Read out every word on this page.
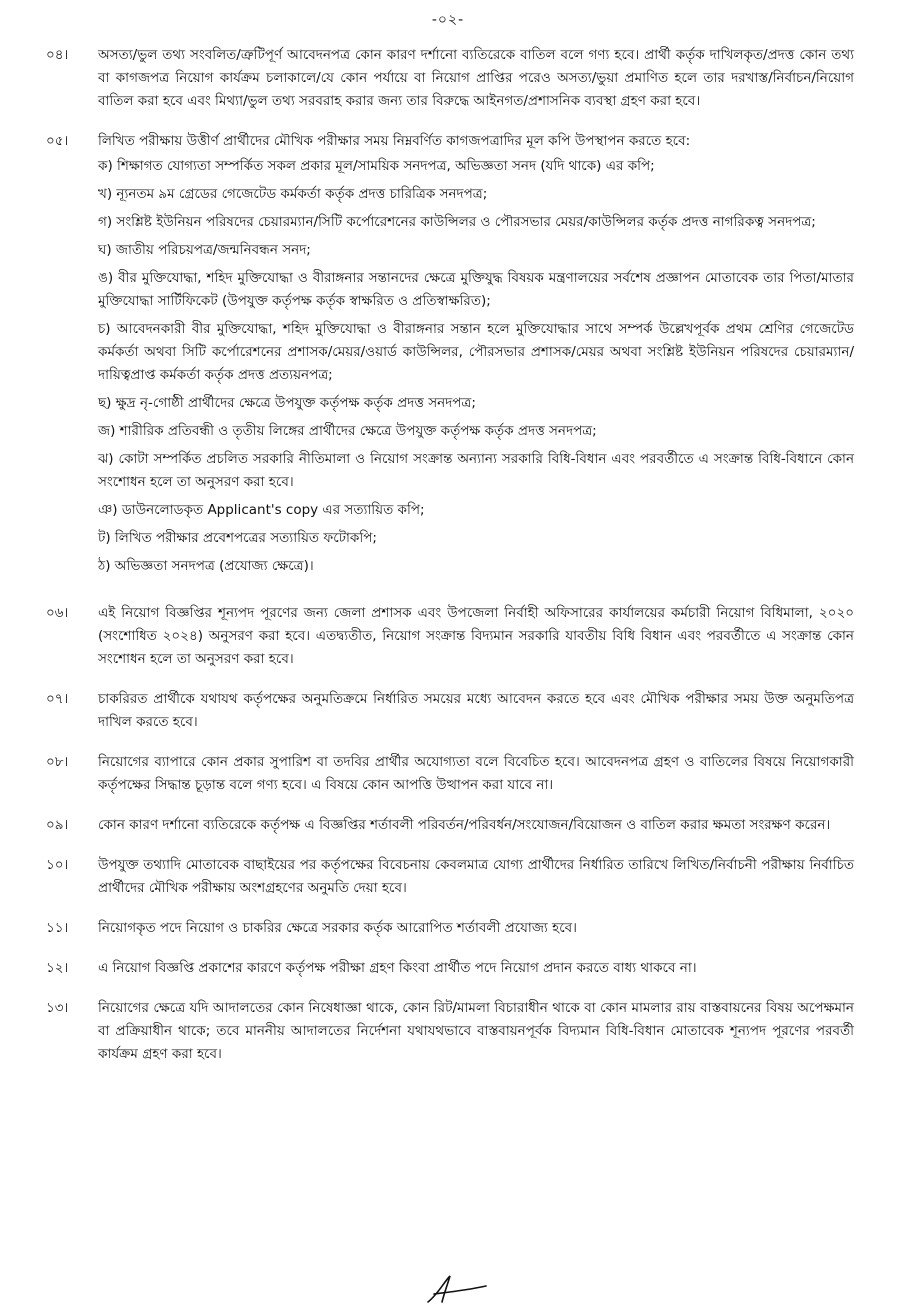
-০২-
০৪।	অসত্য/ভুল তথ্য সংবলিত/ত্রুটিপূর্ণ আবেদনপত্র কোন কারণ দর্শানো ব্যতিরেকে বাতিল বলে গণ্য হবে। প্রার্থী কর্তৃক দাখিলকৃত/প্রদত্ত কোন তথ্য বা কাগজপত্র নিয়োগ কার্যক্রম চলাকালে/যে কোন পর্যায়ে বা নিয়োগ প্রাপ্তির পরেও অসত্য/ভুয়া প্রমাণিত হলে তার দরখাস্ত/নির্বাচন/নিয়োগ বাতিল করা হবে এবং মিথ্যা/ভুল তথ্য সরবরাহ করার জন্য তার বিরুদ্ধে আইনগত/প্রশাসনিক ব্যবস্থা গ্রহণ করা হবে।

০৫।	লিখিত পরীক্ষায় উত্তীর্ণ প্রার্থীদের মৌখিক পরীক্ষার সময় নিম্নবর্ণিত কাগজপত্রাদির মূল কপি উপস্থাপন করতে হবে:

ক) শিক্ষাগত যোগ্যতা সম্পর্কিত সকল প্রকার মূল/সাময়িক সনদপত্র, অভিজ্ঞতা সনদ (যদি থাকে) এর কপি;

খ) ন্যূনতম ৯ম গ্রেডের গেজেটেড কর্মকর্তা কর্তৃক প্রদত্ত চারিত্রিক সনদপত্র;

গ) সংশ্লিষ্ট ইউনিয়ন পরিষদের চেয়ারম্যান/সিটি কর্পোরেশনের কাউন্সিলর ও পৌরসভার মেয়র/কাউন্সিলর কর্তৃক প্রদত্ত নাগরিকত্ব সনদপত্র;

ঘ) জাতীয় পরিচয়পত্র/জন্মনিবন্ধন সনদ;

ঙ) বীর মুক্তিযোদ্ধা, শহিদ মুক্তিযোদ্ধা ও বীরাঙ্গনার সন্তানদের ক্ষেত্রে মুক্তিযুদ্ধ বিষয়ক মন্ত্রণালয়ের সর্বশেষ প্রজ্ঞাপন মোতাবেক তার পিতা/মাতার মুক্তিযোদ্ধা সার্টিফিকেট (উপযুক্ত কর্তৃপক্ষ কর্তৃক স্বাক্ষরিত ও প্রতিস্বাক্ষরিত);

চ) আবেদনকারী বীর মুক্তিযোদ্ধা, শহিদ মুক্তিযোদ্ধা ও বীরাঙ্গনার সন্তান হলে মুক্তিযোদ্ধার সাথে সম্পর্ক উল্লেখপূর্বক প্রথম শ্রেণির গেজেটেড কর্মকর্তা অথবা সিটি কর্পোরেশনের প্রশাসক/মেয়র/ওয়ার্ড কাউন্সিলর, পৌরসভার প্রশাসক/মেয়র অথবা সংশ্লিষ্ট ইউনিয়ন পরিষদের চেয়ারম্যান/দায়িত্বপ্রাপ্ত কর্মকর্তা কর্তৃক প্রদত্ত প্রত্যয়নপত্র;

ছ) ক্ষুদ্র নৃ-গোষ্ঠী প্রার্থীদের ক্ষেত্রে উপযুক্ত কর্তৃপক্ষ কর্তৃক প্রদত্ত সনদপত্র;

জ) শারীরিক প্রতিবন্ধী ও তৃতীয় লিঙ্গের প্রার্থীদের ক্ষেত্রে উপযুক্ত কর্তৃপক্ষ কর্তৃক প্রদত্ত সনদপত্র;

ঝ) কোটা সম্পর্কিত প্রচলিত সরকারি নীতিমালা ও নিয়োগ সংক্রান্ত অন্যান্য সরকারি বিধি-বিধান এবং পরবর্তীতে এ সংক্রান্ত বিধি-বিধানে কোন সংশোধন হলে তা অনুসরণ করা হবে।

ঞ) ডাউনলোডকৃত Applicant's copy এর সত্যায়িত কপি;

ট) লিখিত পরীক্ষার প্রবেশপত্রের সত্যায়িত ফটোকপি;

ঠ) অভিজ্ঞতা সনদপত্র (প্রযোজ্য ক্ষেত্রে)।

০৬।	এই নিয়োগ বিজ্ঞপ্তির শূন্যপদ পূরণের জন্য জেলা প্রশাসক এবং উপজেলা নির্বাহী অফিসারের কার্যালয়ের কর্মচারী নিয়োগ বিধিমালা, ২০২০ (সংশোধিত ২০২৪) অনুসরণ করা হবে। এতদ্ব্যতীত, নিয়োগ সংক্রান্ত বিদ্যমান সরকারি যাবতীয় বিধি বিধান এবং পরবর্তীতে এ সংক্রান্ত কোন সংশোধন হলে তা অনুসরণ করা হবে।

০৭।	চাকরিরত প্রার্থীকে যথাযথ কর্তৃপক্ষের অনুমতিক্রমে নির্ধারিত সময়ের মধ্যে আবেদন করতে হবে এবং মৌখিক পরীক্ষার সময় উক্ত অনুমতিপত্র দাখিল করতে হবে।

০৮।	নিয়োগের ব্যাপারে কোন প্রকার সুপারিশ বা তদবির প্রার্থীর অযোগ্যতা বলে বিবেচিত হবে। আবেদনপত্র গ্রহণ ও বাতিলের বিষয়ে নিয়োগকারী কর্তৃপক্ষের সিদ্ধান্ত চূড়ান্ত বলে গণ্য হবে। এ বিষয়ে কোন আপত্তি উত্থাপন করা যাবে না।

০৯।	কোন কারণ দর্শানো ব্যতিরেকে কর্তৃপক্ষ এ বিজ্ঞপ্তির শর্তাবলী পরিবর্তন/পরিবর্ধন/সংযোজন/বিয়োজন ও বাতিল করার ক্ষমতা সংরক্ষণ করেন।

১০।	উপযুক্ত তথ্যাদি মোতাবেক বাছাইয়ের পর কর্তৃপক্ষের বিবেচনায় কেবলমাত্র যোগ্য প্রার্থীদের নির্ধারিত তারিখে লিখিত/নির্বাচনী পরীক্ষায় নির্বাচিত প্রার্থীদের মৌখিক পরীক্ষায় অংশগ্রহণের অনুমতি দেয়া হবে।

১১।	নিয়োগকৃত পদে নিয়োগ ও চাকরির ক্ষেত্রে সরকার কর্তৃক আরোপিত শর্তাবলী প্রযোজ্য হবে।

১২।	এ নিয়োগ বিজ্ঞপ্তি প্রকাশের কারণে কর্তৃপক্ষ পরীক্ষা গ্রহণ কিংবা প্রার্থীত পদে নিয়োগ প্রদান করতে বাধ্য থাকবে না।

১৩।	নিয়োগের ক্ষেত্রে যদি আদালতের কোন নিষেধাজ্ঞা থাকে, কোন রিট/মামলা বিচারাধীন থাকে বা কোন মামলার রায় বাস্তবায়নের বিষয় অপেক্ষমান বা প্রক্রিয়াধীন থাকে; তবে মাননীয় আদালতের নির্দেশনা যথাযথভাবে বাস্তবায়নপূর্বক বিদ্যমান বিধি-বিধান মোতাবেক শূন্যপদ পূরণের পরবর্তী কার্যক্রম গ্রহণ করা হবে।
